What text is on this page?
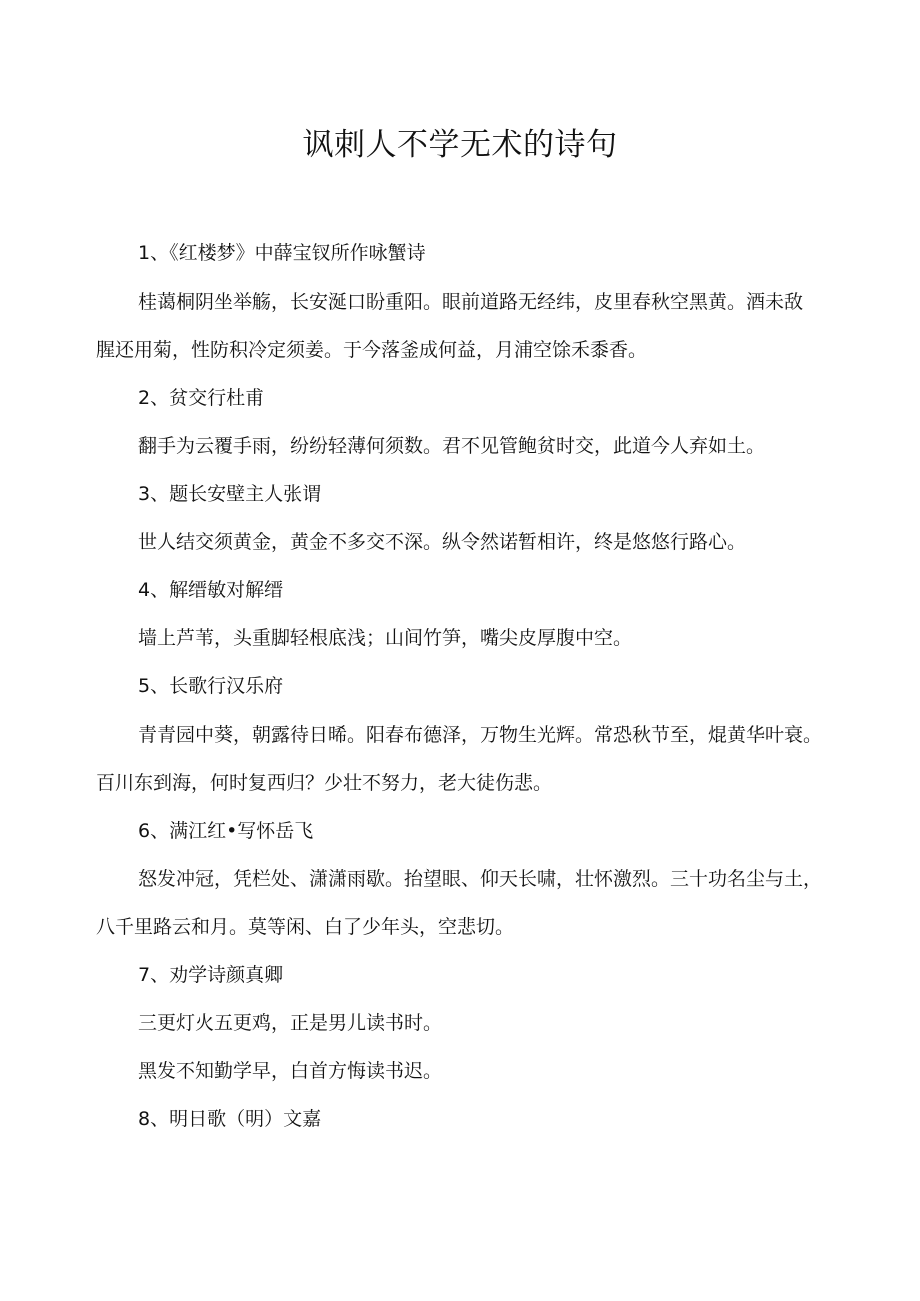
讽刺人不学无术的诗句

1、《红楼梦》中薛宝钗所作咏蟹诗

桂蔼桐阴坐举觞，长安涎口盼重阳。眼前道路无经纬，皮里春秋空黑黄。酒未敌

腥还用菊，性防积冷定须姜。于今落釜成何益，月浦空馀禾黍香。

2、贫交行杜甫

翻手为云覆手雨，纷纷轻薄何须数。君不见管鲍贫时交，此道今人弃如土。

3、题长安壁主人张谓

世人结交须黄金，黄金不多交不深。纵令然诺暂相许，终是悠悠行路心。

4、解缙敏对解缙

墙上芦苇，头重脚轻根底浅；山间竹笋，嘴尖皮厚腹中空。

5、长歌行汉乐府

青青园中葵，朝露待日晞。阳春布德泽，万物生光辉。常恐秋节至，焜黄华叶衰。

百川东到海，何时复西归？少壮不努力，老大徒伤悲。

6、满江红•写怀岳飞

怒发冲冠，凭栏处、潇潇雨歇。抬望眼、仰天长啸，壮怀激烈。三十功名尘与土，

八千里路云和月。莫等闲、白了少年头，空悲切。

7、劝学诗颜真卿

三更灯火五更鸡，正是男儿读书时。

黑发不知勤学早，白首方悔读书迟。

8、明日歌（明）文嘉
